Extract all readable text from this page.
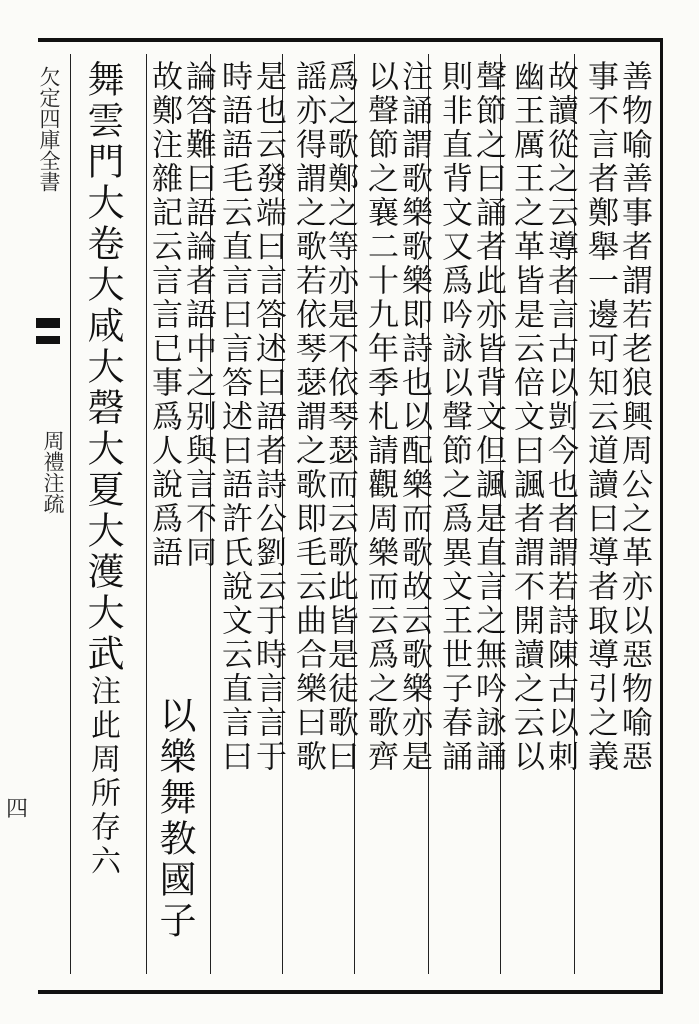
欠定四庫全書
周禮注疏
四
善物喻善事者謂若老狼興周公之革亦以惡物喻惡
事不言者鄭舉一邊可知云道讀曰導者取導引之義
故讀從之云導者言古以剴今也者謂若詩陳古以刺
幽王厲王之革皆是云倍文曰諷者謂不開讀之云以
聲節之曰誦者此亦皆背文但諷是直言之無吟詠誦
則非直背文又爲吟詠以聲節之爲異文王世子春誦
注誦謂歌樂歌樂即詩也以配樂而歌故云歌樂亦是
以聲節之襄二十九年季札請觀周樂而云爲之歌齊
爲之歌鄭之等亦是不依琴瑟而云歌此皆是徒歌曰
謡亦得謂之歌若依琴瑟謂之歌即毛云曲合樂曰歌
是也云發端曰言答述曰語者詩公劉云于時言言于
時語語毛云直言曰言答述曰語許氏說文云直言曰
論答難曰語論者語中之别與言不同
故鄭注雜記云言言已事爲人說爲語
以樂舞教國子
舞雲門大卷大咸大磬大夏大濩大武注此周所存六
